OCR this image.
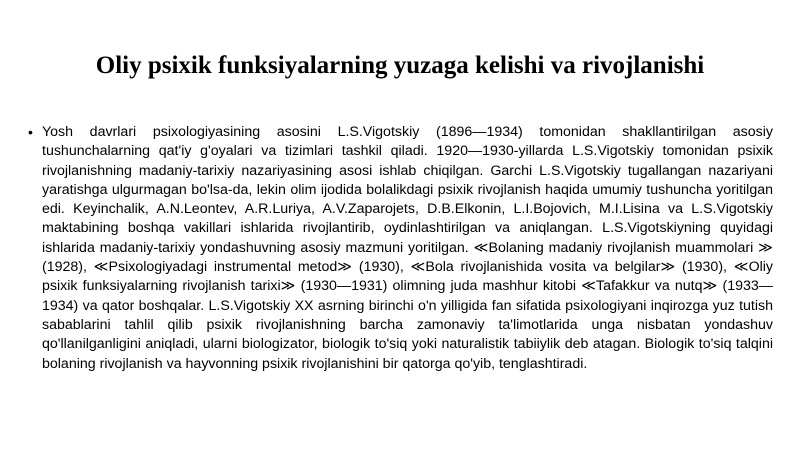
Oliy psixik funksiyalarning yuzaga kelishi va rivojlanishi
• Yosh davrlari psixologiyasining asosini L.S.Vigotskiy (1896—1934) tomonidan shakllantirilgan asosiy tushunchalarning qat'iy g'oyalari va tizimlari tashkil qiladi. 1920—1930-yillarda L.S.Vigotskiy tomonidan psixik rivojlanishning madaniy-tarixiy nazariyasining asosi ishlab chiqilgan. Garchi L.S.Vigotskiy tugallangan nazariyani yaratishga ulgurmagan bo'lsa-da, lekin olim ijodida bolalikdagi psixik rivojlanish haqida umumiy tushuncha yoritilgan edi. Keyinchalik, A.N.Leontev, A.R.Luriya, A.V.Zaparojets, D.B.Elkonin, L.I.Bojovich, M.I.Lisina va L.S.Vigotskiy maktabining boshqa vakillari ishlarida rivojlantirib, oydinlashtirilgan va aniqlangan. L.S.Vigotskiyning quyidagi ishlarida madaniy-tarixiy yondashuvning asosiy mazmuni yoritilgan. ≪Bolaning madaniy rivojlanish muammolari ≫ (1928), ≪Psixologiyadagi instrumental metod≫ (1930), ≪Bola rivojlanishida vosita va belgilar≫ (1930), ≪Oliy psixik funksiyalarning rivojlanish tarixi≫ (1930—1931) olimning juda mashhur kitobi ≪Tafakkur va nutq≫ (1933—1934) va qator boshqalar. L.S.Vigotskiy XX asrning birinchi o'n yilligida fan sifatida psixologiyani inqirozga yuz tutish sabablarini tahlil qilib psixik rivojlanishning barcha zamonaviy ta'limotlarida unga nisbatan yondashuv qo'llanilganligini aniqladi, ularni biologizator, biologik to'siq yoki naturalistik tabiiylik deb atagan. Biologik to'siq talqini bolaning rivojlanish va hayvonning psixik rivojlanishini bir qatorga qo'yib, tenglashtiradi.
